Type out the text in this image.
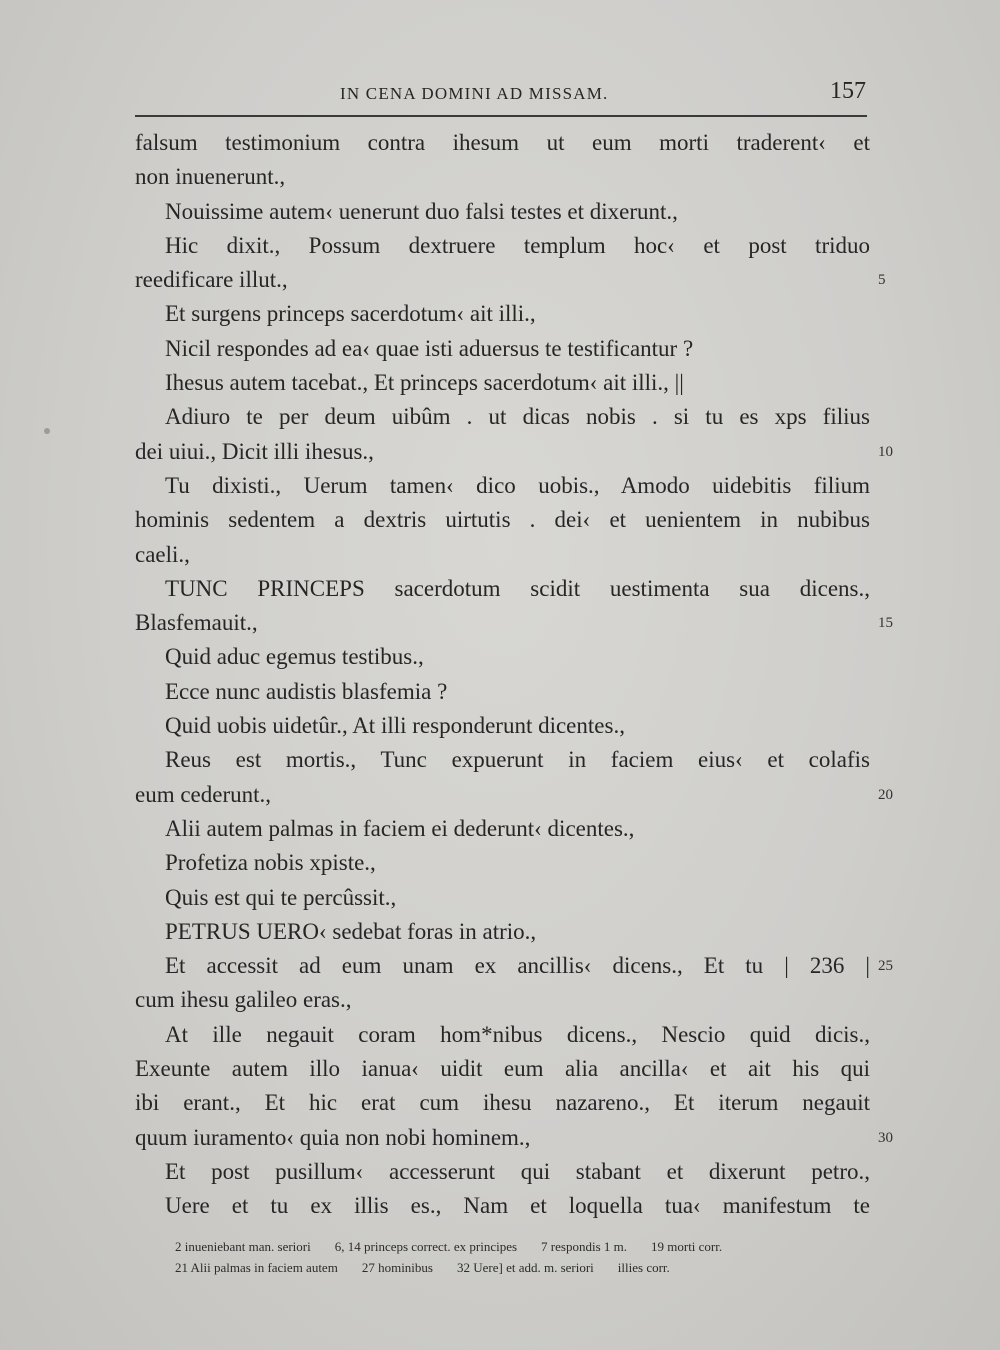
IN CENA DOMINI AD MISSAM.	157
falsum testimonium contra ihesum ut eum morti traderent‹ et
non inuenerunt.,
Nouissime autem‹ uenerunt duo falsi testes et dixerunt.,
Hic dixit., Possum dextruere templum hoc‹ et post triduo
reedificare illut.,
Et surgens princeps sacerdotum‹ ait illi.,
Nicil respondes ad ea‹ quae isti aduersus te testificantur ?
Ihesus autem tacebat., Et princeps sacerdotum‹ ait illi., ||
Adiuro te per deum uibûm . ut dicas nobis . si tu es xps filius
dei uiui., Dicit illi ihesus.,
Tu dixisti., Uerum tamen‹ dico uobis., Amodo uidebitis filium
hominis sedentem a dextris uirtutis . dei‹ et uenientem in nubibus
caeli.,
TUNC PRINCEPS sacerdotum scidit uestimenta sua dicens.,
Blasfemauit.,
Quid aduc egemus testibus.,
Ecce nunc audistis blasfemia ?
Quid uobis uidetûr., At illi responderunt dicentes.,
Reus est mortis., Tunc expuerunt in faciem eius‹ et colafis
eum cederunt.,
Alii autem palmas in faciem ei dederunt‹ dicentes.,
Profetiza nobis xpiste.,
Quis est qui te percûssit.,
PETRUS UERO‹ sedebat foras in atrio.,
Et accessit ad eum unam ex ancillis‹ dicens., Et tu | 236 |
cum ihesu galileo eras.,
At ille negauit coram hom*nibus dicens., Nescio quid dicis.,
Exeunte autem illo ianua‹ uidit eum alia ancilla‹ et ait his qui
ibi erant., Et hic erat cum ihesu nazareno., Et iterum negauit
quum iuramento‹ quia non nobi hominem.,
Et post pusillum‹ accesserunt qui stabant et dixerunt petro.,
Uere et tu ex illis es., Nam et loquella tua‹ manifestum te
5
10
15
20
25
30
2 inueniebant man. seriori 6, 14 princeps correct. ex principes 7 respondis 1 m. 19 morti corr.
21 Alii palmas in faciem autem 27 hominibus 32 Uere] et add. m. seriori illies corr.
